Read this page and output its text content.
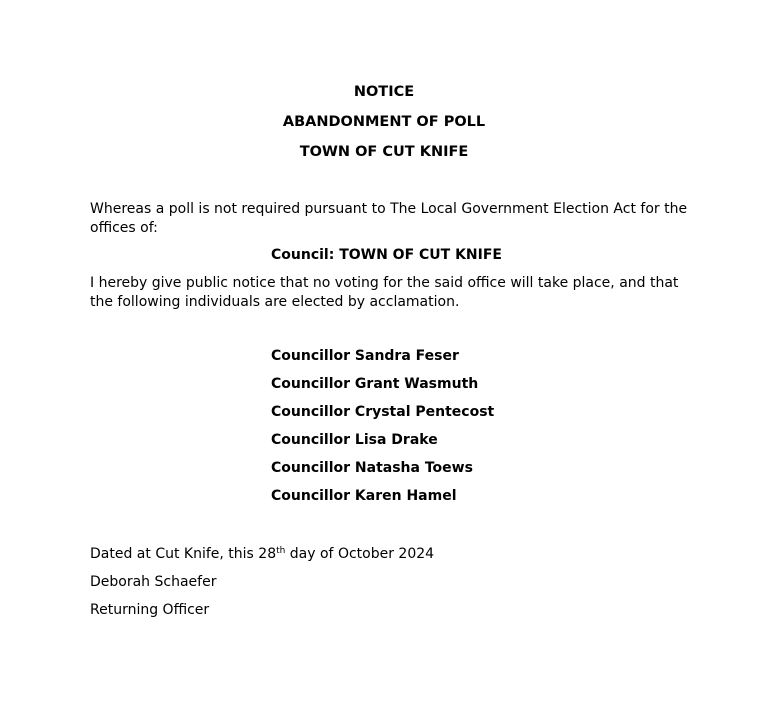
NOTICE
ABANDONMENT OF POLL
TOWN OF CUT KNIFE
Whereas a poll is not required pursuant to The Local Government Election Act for the offices of:
Council: TOWN OF CUT KNIFE
I hereby give public notice that no voting for the said office will take place, and that the following individuals are elected by acclamation.
Councillor Sandra Feser
Councillor Grant Wasmuth
Councillor Crystal Pentecost
Councillor Lisa Drake
Councillor Natasha Toews
Councillor Karen Hamel
Dated at Cut Knife, this 28th day of October 2024
Deborah Schaefer
Returning Officer
